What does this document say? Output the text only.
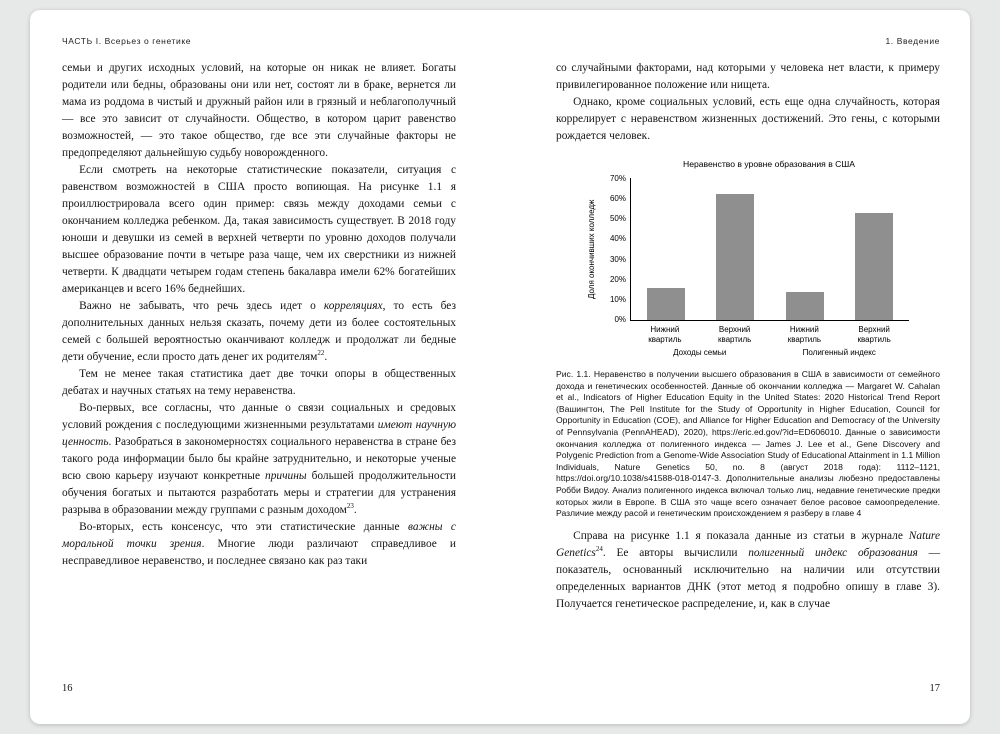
ЧАСТЬ I. Всерьез о генетике

семьи и других исходных условий, на которые он никак не влияет. Богаты родители или бедны, образованы они или нет, состоят ли в браке, вернется ли мама из роддома в чистый и дружный район или в грязный и неблагополучный — все это зависит от случайности. Общество, в котором царит равенство возможностей, — это такое общество, где все эти случайные факторы не предопределяют дальнейшую судьбу новорожденного.

Если смотреть на некоторые статистические показатели, ситуация с равенством возможностей в США просто вопиющая. На рисунке 1.1 я проиллюстрировала всего один пример: связь между доходами семьи с окончанием колледжа ребенком. Да, такая зависимость существует. В 2018 году юноши и девушки из семей в верхней четверти по уровню доходов получали высшее образование почти в четыре раза чаще, чем их сверстники из нижней четверти. К двадцати четырем годам степень бакалавра имели 62% богатейших американцев и всего 16% беднейших.

Важно не забывать, что речь здесь идет о корреляциях, то есть без дополнительных данных нельзя сказать, почему дети из более состоятельных семей с большей вероятностью оканчивают колледж и продолжат ли бедные дети обучение, если просто дать денег их родителям$^{22}$.

Тем не менее такая статистика дает две точки опоры в общественных дебатах и научных статьях на тему неравенства.

Во-первых, все согласны, что данные о связи социальных и средовых условий рождения с последующими жизненными результатами имеют научную ценность. Разобраться в закономерностях социального неравенства в стране без такого рода информации было бы крайне затруднительно, и некоторые ученые всю свою карьеру изучают конкретные причины большей продолжительности обучения богатых и пытаются разработать меры и стратегии для устранения разрыва в образовании между группами с разным доходом$^{23}$.

Во-вторых, есть консенсус, что эти статистические данные важны с моральной точки зрения. Многие люди различают справедливое и несправедливое неравенство, и последнее связано как раз таки

16
1. Введение

со случайными факторами, над которыми у человека нет власти, к примеру привилегированное положение или нищета.

Однако, кроме социальных условий, есть еще одна случайность, которая коррелирует с неравенством жизненных достижений. Это гены, с которыми рождается человек.

Неравенство в уровне образования в США
Доля окончивших колледж
70%
60%
50%
40%
30%
20%
10%
0%
Нижний квартиль
Верхний квартиль
Нижний квартиль
Верхний квартиль
Доходы семьи	Полигенный индекс
Рис. 1.1. Неравенство в получении высшего образования в США в зависимости от семейного дохода и генетических особенностей. Данные об окончании колледжа — Margaret W. Cahalan et al., Indicators of Higher Education Equity in the United States: 2020 Historical Trend Report (Вашингтон, The Pell Institute for the Study of Opportunity in Higher Education, Council for Opportunity in Education (COE), and Alliance for Higher Education and Democracy of the University of Pennsylvania (PennAHEAD), 2020), https://eric.ed.gov/?id=ED606010. Данные о зависимости окончания колледжа от полигенного индекса — James J. Lee et al., Gene Discovery and Polygenic Prediction from a Genome-Wide Association Study of Educational Attainment in 1.1 Million Individuals, Nature Genetics 50, no. 8 (август 2018 года): 1112–1121, https://doi.org/10.1038/s41588-018-0147-3. Дополнительные анализы любезно предоставлены Робби Видоу. Анализ полигенного индекса включал только лиц, недавние генетические предки которых жили в Европе. В США это чаще всего означает белое расовое самоопределение. Различие между расой и генетическим происхождением я разберу в главе 4

Справа на рисунке 1.1 я показала данные из статьи в журнале Nature Genetics$^{24}$. Ее авторы вычислили полигенный индекс образования — показатель, основанный исключительно на наличии или отсутствии определенных вариантов ДНК (этот метод я подробно опишу в главе 3). Получается генетическое распределение, и, как в случае

17
